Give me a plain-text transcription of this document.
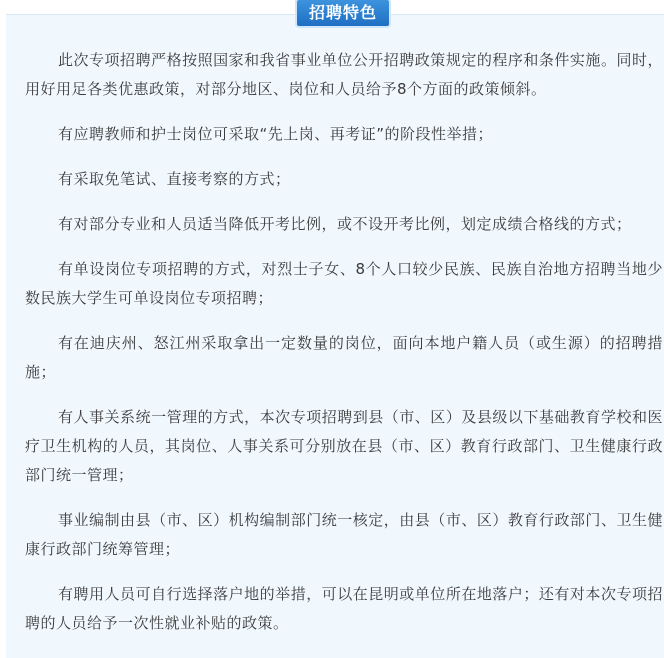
招聘特色

此次专项招聘严格按照国家和我省事业单位公开招聘政策规定的程序和条件实施。同时，用好用足各类优惠政策，对部分地区、岗位和人员给予8个方面的政策倾斜。

有应聘教师和护士岗位可采取“先上岗、再考证”的阶段性举措；

有采取免笔试、直接考察的方式；

有对部分专业和人员适当降低开考比例，或不设开考比例，划定成绩合格线的方式；

有单设岗位专项招聘的方式，对烈士子女、8个人口较少民族、民族自治地方招聘当地少数民族大学生可单设岗位专项招聘；

有在迪庆州、怒江州采取拿出一定数量的岗位，面向本地户籍人员（或生源）的招聘措施；

有人事关系统一管理的方式，本次专项招聘到县（市、区）及县级以下基础教育学校和医疗卫生机构的人员，其岗位、人事关系可分别放在县（市、区）教育行政部门、卫生健康行政部门统一管理；

事业编制由县（市、区）机构编制部门统一核定，由县（市、区）教育行政部门、卫生健康行政部门统筹管理；

有聘用人员可自行选择落户地的举措，可以在昆明或单位所在地落户；还有对本次专项招聘的人员给予一次性就业补贴的政策。
